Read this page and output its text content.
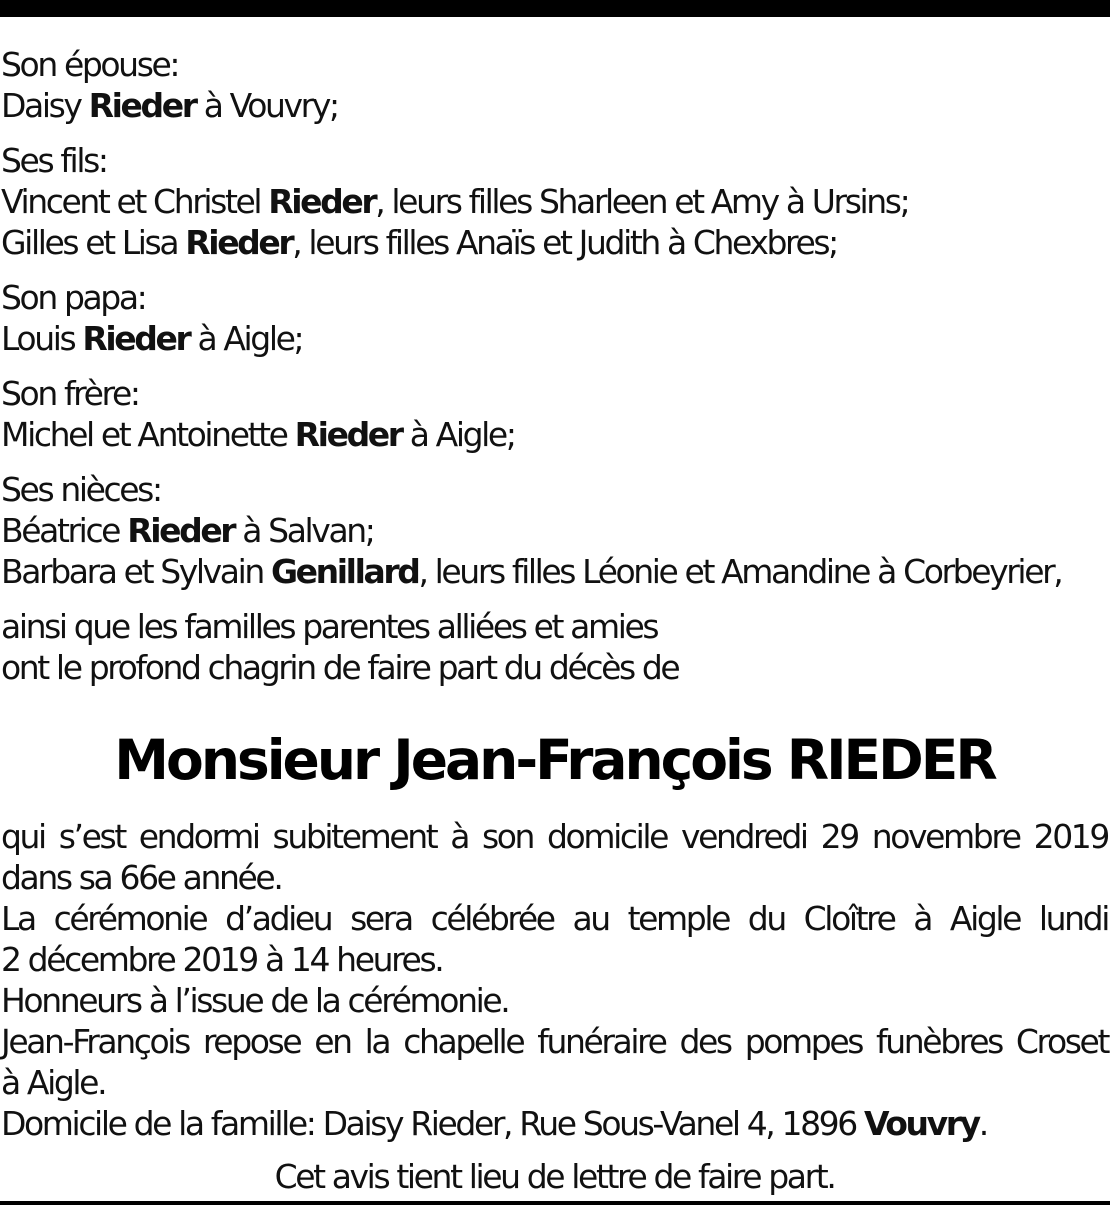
Son épouse:
Daisy Rieder à Vouvry;

Ses fils:
Vincent et Christel Rieder, leurs filles Sharleen et Amy à Ursins;
Gilles et Lisa Rieder, leurs filles Anaïs et Judith à Chexbres;

Son papa:
Louis Rieder à Aigle;

Son frère:
Michel et Antoinette Rieder à Aigle;

Ses nièces:
Béatrice Rieder à Salvan;
Barbara et Sylvain Genillard, leurs filles Léonie et Amandine à Corbeyrier,

ainsi que les familles parentes alliées et amies
ont le profond chagrin de faire part du décès de

Monsieur Jean-François RIEDER

qui s’est endormi subitement à son domicile vendredi 29 novembre 2019
dans sa 66e année.
La cérémonie d’adieu sera célébrée au temple du Cloître à Aigle lundi
2 décembre 2019 à 14 heures.
Honneurs à l’issue de la cérémonie.
Jean-François repose en la chapelle funéraire des pompes funèbres Croset
à Aigle.
Domicile de la famille: Daisy Rieder, Rue Sous-Vanel 4, 1896 Vouvry.

Cet avis tient lieu de lettre de faire part.
